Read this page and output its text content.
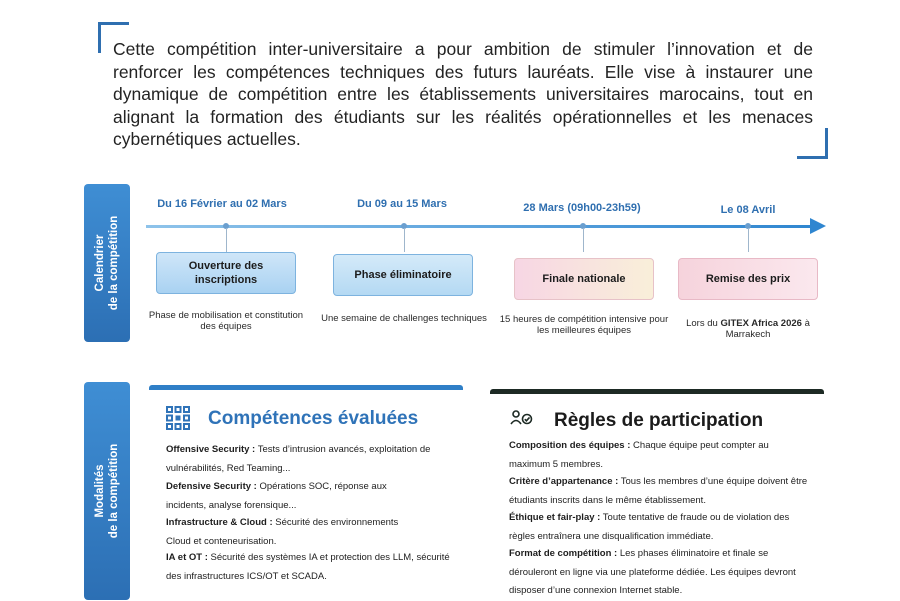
Cette compétition inter-universitaire a pour ambition de stimuler l’innovation et de renforcer les compétences techniques des futurs lauréats. Elle vise à instaurer une dynamique de compétition entre les établissements universitaires marocains, tout en alignant la formation des étudiants sur les réalités opérationnelles et les menaces cybernétiques actuelles.
Calendrier
de la compétition
Du 16 Février au 02 Mars
Ouverture des inscriptions
Phase de mobilisation et constitution des équipes
Du 09 au 15 Mars
Phase éliminatoire
Une semaine de challenges techniques
28 Mars (09h00-23h59)
Finale nationale
15 heures de compétition intensive pour les meilleures équipes
Le 08 Avril
Remise des prix
Lors du GITEX Africa 2026 à Marrakech
Modalités
de la compétition
Compétences évaluées
Offensive Security : Tests d’intrusion avancés, exploitation de vulnérabilités, Red Teaming...
Defensive Security : Opérations SOC, réponse aux incidents, analyse forensique...
Infrastructure & Cloud : Sécurité des environnements Cloud et conteneurisation.
IA et OT : Sécurité des systèmes IA et protection des LLM, sécurité des infrastructures ICS/OT et SCADA.
Règles de participation
Composition des équipes : Chaque équipe peut compter au maximum 5 membres.
Critère d’appartenance : Tous les membres d’une équipe doivent être étudiants inscrits dans le même établissement.
Éthique et fair-play : Toute tentative de fraude ou de violation des règles entraînera une disqualification immédiate.
Format de compétition : Les phases éliminatoire et finale se dérouleront en ligne via une plateforme dédiée. Les équipes devront disposer d’une connexion Internet stable.
